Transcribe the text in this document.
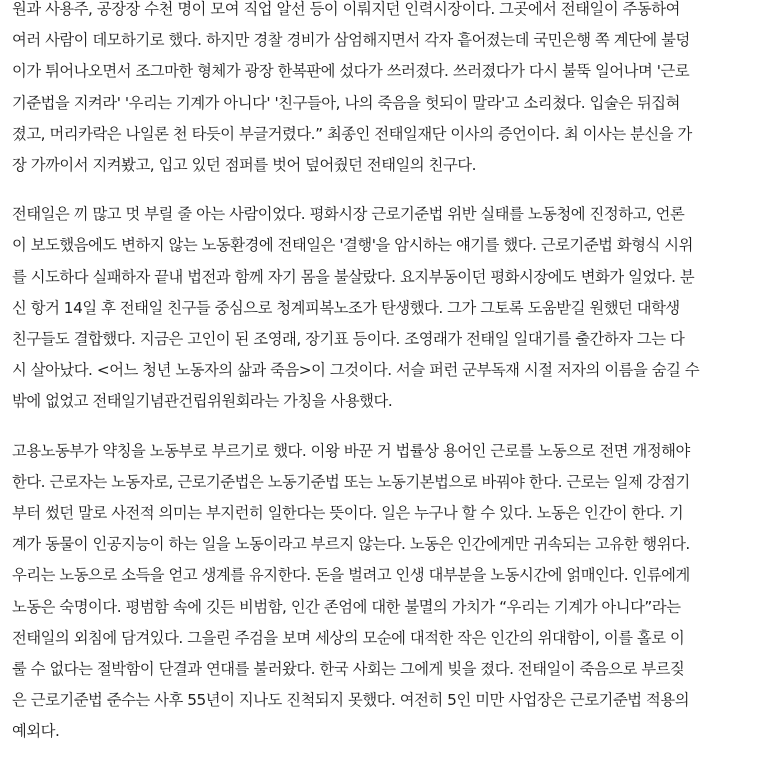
원과 사용주, 공장장 수천 명이 모여 직업 알선 등이 이뤄지던 인력시장이다. 그곳에서 전태일이 주동하여
여러 사람이 데모하기로 했다. 하지만 경찰 경비가 삼엄해지면서 각자 흩어졌는데 국민은행 쪽 계단에 불덩
이가 튀어나오면서 조그마한 형체가 광장 한복판에 섰다가 쓰러졌다. 쓰러졌다가 다시 불뚝 일어나며 '근로
기준법을 지켜라' '우리는 기계가 아니다' '친구들아, 나의 죽음을 헛되이 말라'고 소리쳤다. 입술은 뒤집혀
졌고, 머리카락은 나일론 천 타듯이 부글거렸다.” 최종인 전태일재단 이사의 증언이다. 최 이사는 분신을 가
장 가까이서 지켜봤고, 입고 있던 점퍼를 벗어 덮어줬던 전태일의 친구다.
전태일은 끼 많고 멋 부릴 줄 아는 사람이었다. 평화시장 근로기준법 위반 실태를 노동청에 진정하고, 언론
이 보도했음에도 변하지 않는 노동환경에 전태일은 '결행'을 암시하는 얘기를 했다. 근로기준법 화형식 시위
를 시도하다 실패하자 끝내 법전과 함께 자기 몸을 불살랐다. 요지부동이던 평화시장에도 변화가 일었다. 분
신 항거 14일 후 전태일 친구들 중심으로 청계피복노조가 탄생했다. 그가 그토록 도움받길 원했던 대학생
친구들도 결합했다. 지금은 고인이 된 조영래, 장기표 등이다. 조영래가 전태일 일대기를 출간하자 그는 다
시 살아났다. <어느 청년 노동자의 삶과 죽음>이 그것이다. 서슬 퍼런 군부독재 시절 저자의 이름을 숨길 수
밖에 없었고 전태일기념관건립위원회라는 가칭을 사용했다.
고용노동부가 약칭을 노동부로 부르기로 했다. 이왕 바꾼 거 법률상 용어인 근로를 노동으로 전면 개정해야
한다. 근로자는 노동자로, 근로기준법은 노동기준법 또는 노동기본법으로 바꿔야 한다. 근로는 일제 강점기
부터 썼던 말로 사전적 의미는 부지런히 일한다는 뜻이다. 일은 누구나 할 수 있다. 노동은 인간이 한다. 기
계가 동물이 인공지능이 하는 일을 노동이라고 부르지 않는다. 노동은 인간에게만 귀속되는 고유한 행위다.
우리는 노동으로 소득을 얻고 생계를 유지한다. 돈을 벌려고 인생 대부분을 노동시간에 얽매인다. 인류에게
노동은 숙명이다. 평범함 속에 깃든 비범함, 인간 존엄에 대한 불멸의 가치가 “우리는 기계가 아니다”라는
전태일의 외침에 담겨있다. 그을린 주검을 보며 세상의 모순에 대적한 작은 인간의 위대함이, 이를 홀로 이
룰 수 없다는 절박함이 단결과 연대를 불러왔다. 한국 사회는 그에게 빚을 졌다. 전태일이 죽음으로 부르짖
은 근로기준법 준수는 사후 55년이 지나도 진척되지 못했다. 여전히 5인 미만 사업장은 근로기준법 적용의
예외다.
